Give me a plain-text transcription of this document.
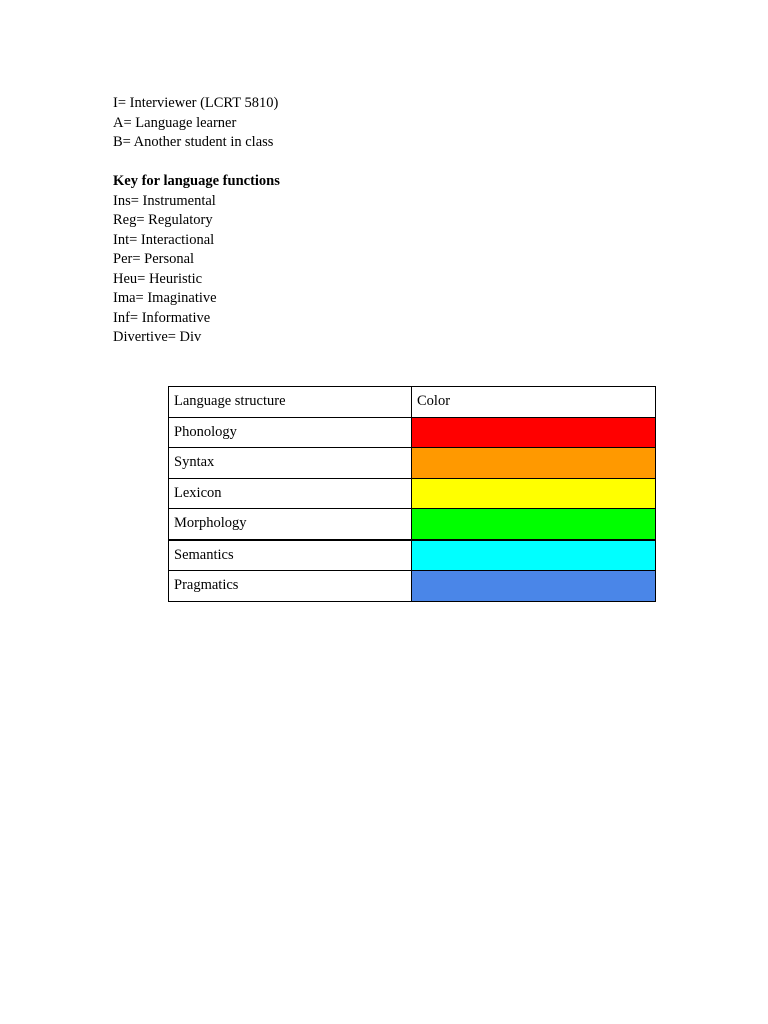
I= Interviewer (LCRT 5810)
A= Language learner
B= Another student in class
Key for language functions
Ins= Instrumental
Reg= Regulatory
Int= Interactional
Per= Personal
Heu= Heuristic
Ima= Imaginative
Inf= Informative
Divertive= Div
Language structure	Color
Phonology	
Syntax	
Lexicon	
Morphology	
Semantics	
Pragmatics	
